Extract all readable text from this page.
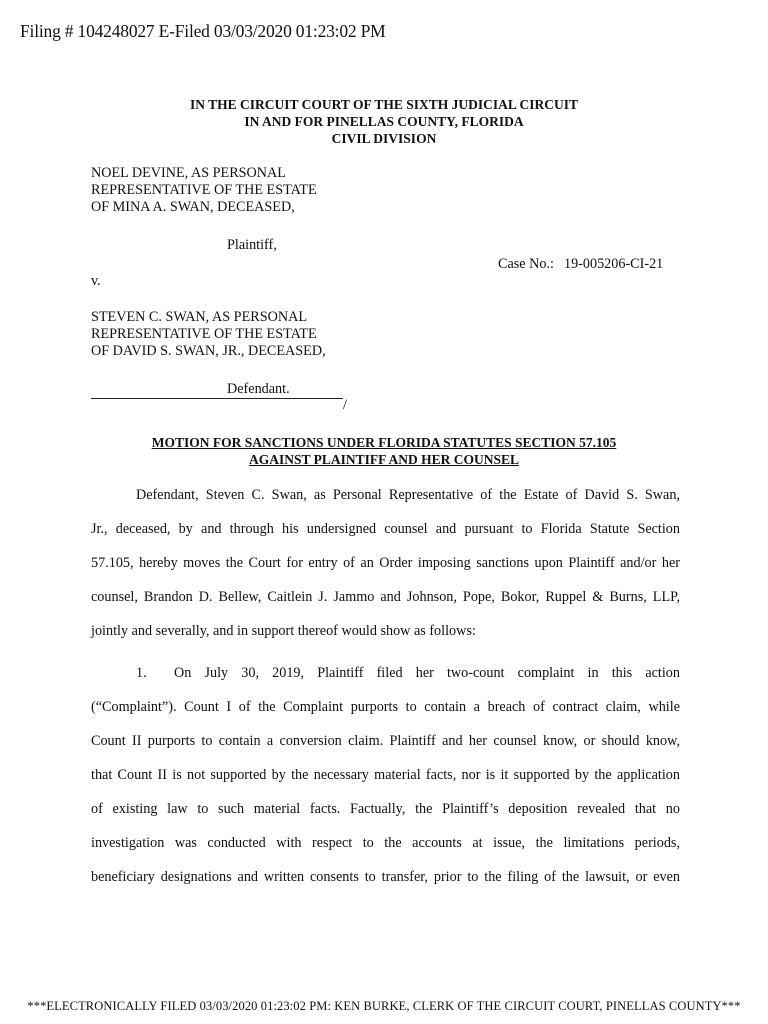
Filing # 104248027 E-Filed 03/03/2020 01:23:02 PM
IN THE CIRCUIT COURT OF THE SIXTH JUDICIAL CIRCUIT
IN AND FOR PINELLAS COUNTY, FLORIDA
CIVIL DIVISION
NOEL DEVINE, AS PERSONAL
REPRESENTATIVE OF THE ESTATE
OF MINA A. SWAN, DECEASED,
Plaintiff,
Case No.: 19-005206-CI-21
v.
STEVEN C. SWAN, AS PERSONAL
REPRESENTATIVE OF THE ESTATE
OF DAVID S. SWAN, JR., DECEASED,
Defendant.
/
MOTION FOR SANCTIONS UNDER FLORIDA STATUTES SECTION 57.105
AGAINST PLAINTIFF AND HER COUNSEL
Defendant, Steven C. Swan, as Personal Representative of the Estate of David S. Swan,
Jr., deceased, by and through his undersigned counsel and pursuant to Florida Statute Section
57.105, hereby moves the Court for entry of an Order imposing sanctions upon Plaintiff and/or her
counsel, Brandon D. Bellew, Caitlein J. Jammo and Johnson, Pope, Bokor, Ruppel & Burns, LLP,
jointly and severally, and in support thereof would show as follows:
1. On July 30, 2019, Plaintiff filed her two-count complaint in this action
(“Complaint”). Count I of the Complaint purports to contain a breach of contract claim, while
Count II purports to contain a conversion claim. Plaintiff and her counsel know, or should know,
that Count II is not supported by the necessary material facts, nor is it supported by the application
of existing law to such material facts. Factually, the Plaintiff’s deposition revealed that no
investigation was conducted with respect to the accounts at issue, the limitations periods,
beneficiary designations and written consents to transfer, prior to the filing of the lawsuit, or even
***ELECTRONICALLY FILED 03/03/2020 01:23:02 PM: KEN BURKE, CLERK OF THE CIRCUIT COURT, PINELLAS COUNTY***
